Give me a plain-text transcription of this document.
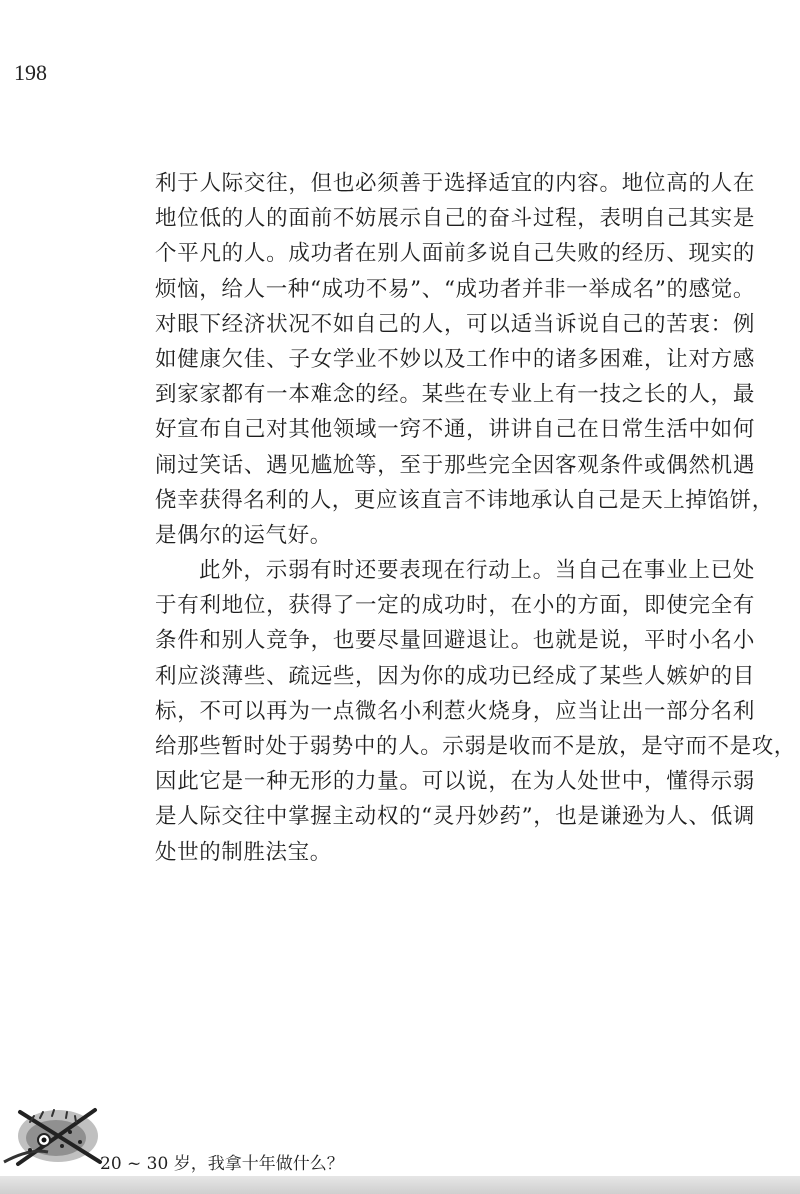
198
利于人际交往，但也必须善于选择适宜的内容。地位高的人在
地位低的人的面前不妨展示自己的奋斗过程，表明自己其实是
个平凡的人。成功者在别人面前多说自己失败的经历、现实的
烦恼，给人一种“成功不易”、“成功者并非一举成名”的感觉。
对眼下经济状况不如自己的人，可以适当诉说自己的苦衷：例
如健康欠佳、子女学业不妙以及工作中的诸多困难，让对方感
到家家都有一本难念的经。某些在专业上有一技之长的人，最
好宣布自己对其他领域一窍不通，讲讲自己在日常生活中如何
闹过笑话、遇见尴尬等，至于那些完全因客观条件或偶然机遇
侥幸获得名利的人，更应该直言不讳地承认自己是天上掉馅饼，
是偶尔的运气好。
此外，示弱有时还要表现在行动上。当自己在事业上已处
于有利地位，获得了一定的成功时，在小的方面，即使完全有
条件和别人竞争，也要尽量回避退让。也就是说，平时小名小
利应淡薄些、疏远些，因为你的成功已经成了某些人嫉妒的目
标，不可以再为一点微名小利惹火烧身，应当让出一部分名利
给那些暂时处于弱势中的人。示弱是收而不是放，是守而不是攻，
因此它是一种无形的力量。可以说，在为人处世中，懂得示弱
是人际交往中掌握主动权的“灵丹妙药”，也是谦逊为人、低调
处世的制胜法宝。
20 ~ 30 岁，我拿十年做什么？
